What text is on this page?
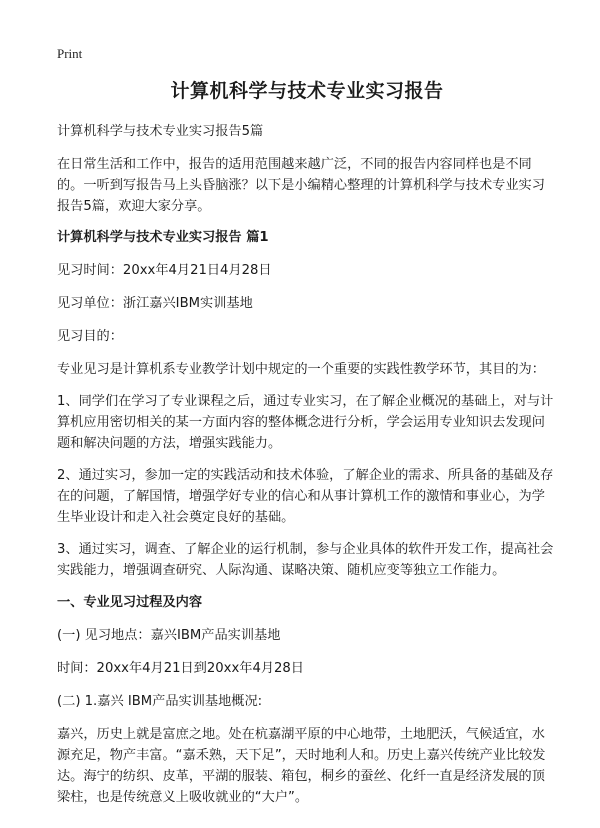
Print
计算机科学与技术专业实习报告

计算机科学与技术专业实习报告5篇

在日常生活和工作中，报告的适用范围越来越广泛，不同的报告内容同样也是不同的。一听到写报告马上头昏脑涨？以下是小编精心整理的计算机科学与技术专业实习报告5篇，欢迎大家分享。

计算机科学与技术专业实习报告 篇1

见习时间：20xx年4月21日4月28日

见习单位：浙江嘉兴IBM实训基地

见习目的：

专业见习是计算机系专业教学计划中规定的一个重要的实践性教学环节，其目的为：

1、同学们在学习了专业课程之后，通过专业实习，在了解企业概况的基础上，对与计算机应用密切相关的某一方面内容的整体概念进行分析，学会运用专业知识去发现问题和解决问题的方法，增强实践能力。

2、通过实习，参加一定的实践活动和技术体验，了解企业的需求、所具备的基础及存在的问题，了解国情，增强学好专业的信心和从事计算机工作的激情和事业心，为学生毕业设计和走入社会奠定良好的基础。

3、通过实习，调查、了解企业的运行机制，参与企业具体的软件开发工作，提高社会实践能力，增强调查研究、人际沟通、谋略决策、随机应变等独立工作能力。

一、专业见习过程及内容

(一) 见习地点：嘉兴IBM产品实训基地

时间：20xx年4月21日到20xx年4月28日

(二) 1.嘉兴 IBM产品实训基地概况:

嘉兴，历史上就是富庶之地。处在杭嘉湖平原的中心地带，土地肥沃，气候适宜，水源充足，物产丰富。“嘉禾熟，天下足”，天时地利人和。历史上嘉兴传统产业比较发达。海宁的纺织、皮革，平湖的服装、箱包，桐乡的蚕丝、化纤一直是经济发展的顶梁柱，也是传统意义上吸收就业的“大户”。
